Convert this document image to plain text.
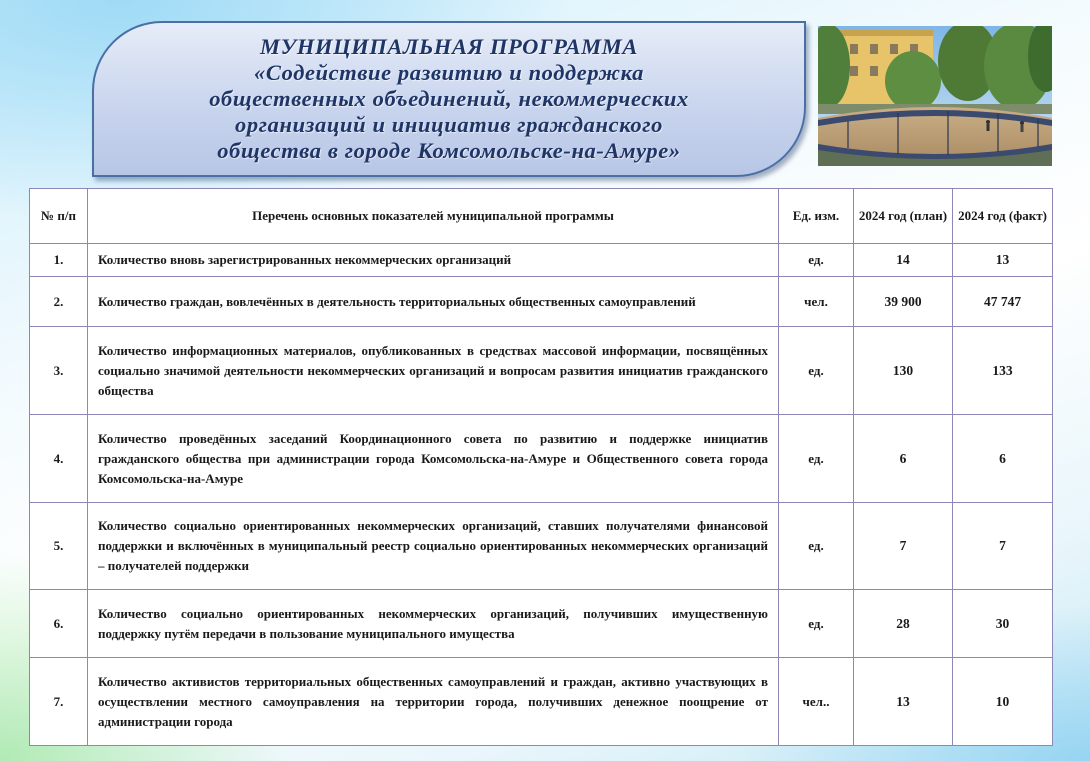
МУНИЦИПАЛЬНАЯ ПРОГРАММА
«Содействие развитию и поддержка
общественных объединений, некоммерческих
организаций и инициатив гражданского
общества в городе Комсомольске-на-Амуре»
№ п/п	Перечень основных показателей муниципальной программы	Ед. изм.	2024 год (план)	2024 год (факт)
1.	Количество вновь зарегистрированных некоммерческих организаций	ед.	14	13
2.	Количество граждан, вовлечённых в деятельность территориальных общественных самоуправлений	чел.	39 900	47 747
3.	Количество информационных материалов, опубликованных в средствах массовой информации, посвящённых социально значимой деятельности некоммерческих организаций и вопросам развития инициатив гражданского общества	ед.	130	133
4.	Количество проведённых заседаний Координационного совета по развитию и поддержке инициатив гражданского общества при администрации города Комсомольска-на-Амуре и Общественного совета города Комсомольска-на-Амуре	ед.	6	6
5.	Количество социально ориентированных некоммерческих организаций, ставших получателями финансовой поддержки и включённых в муниципальный реестр социально ориентированных некоммерческих организаций – получателей поддержки	ед.	7	7
6.	Количество социально ориентированных некоммерческих организаций, получивших имущественную поддержку путём передачи в пользование муниципального имущества	ед.	28	30
7.	Количество активистов территориальных общественных самоуправлений и граждан, активно участвующих в осуществлении местного самоуправления на территории города, получивших денежное поощрение от администрации города	чел..	13	10
